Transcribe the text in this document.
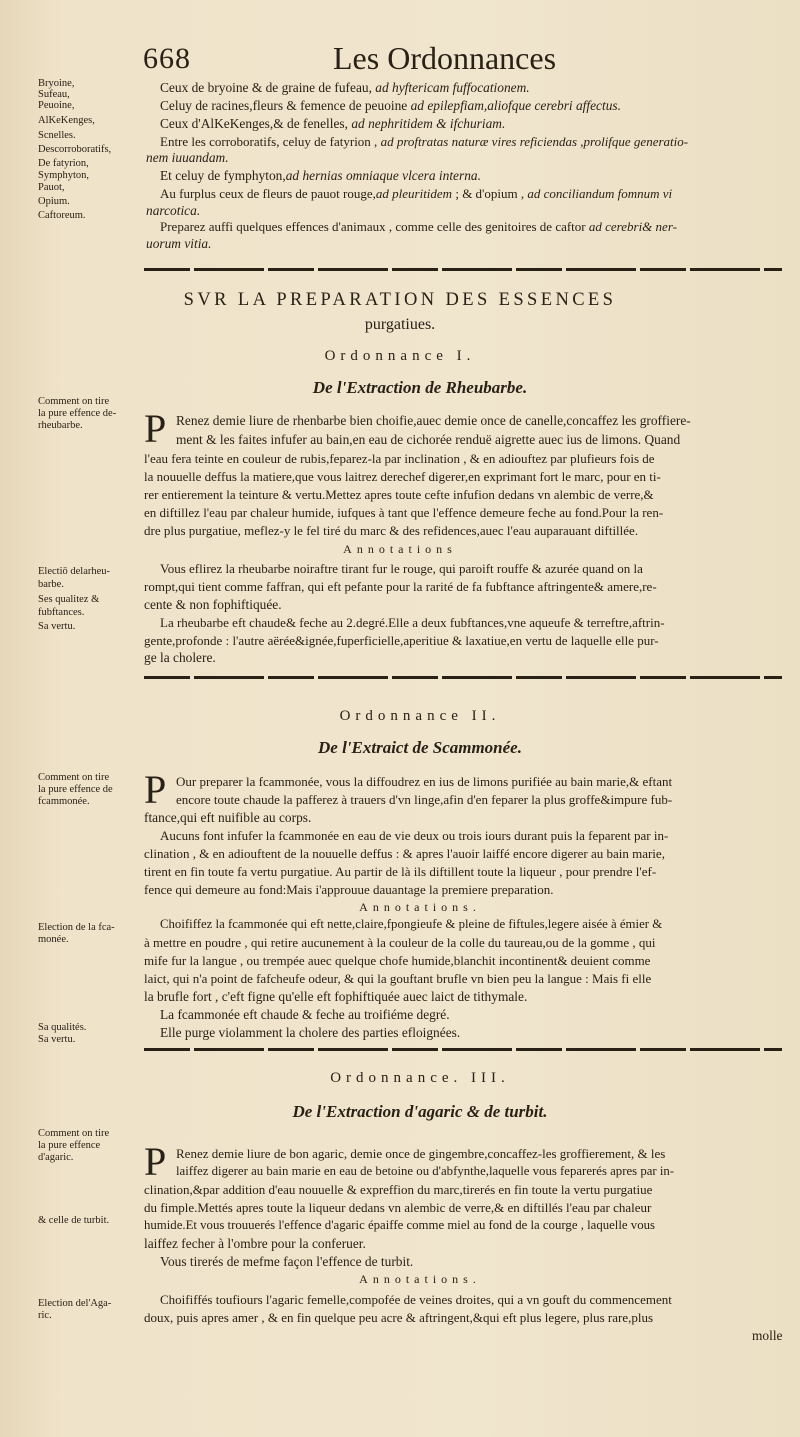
668	Les Ordonnances
Bryoine,
Sufeau,
Peuoine,
AlKeKenges,
Scnelles.
Descorroboratifs,
De fatyrion,
Symphyton,
Pauot,
Opium.
Caftoreum.
Ceux de bryoine & de graine de fufeau, ad hyftericam fuffocationem.
Celuy de racines,fleurs & femence de peuoine ad epilepfiam,aliofque cerebri affectus.
Ceux d'AlKeKenges,& de fenelles, ad nephritidem & ifchuriam.
Entre les corroboratifs, celuy de fatyrion , ad proftratas naturæ vires reficiendas ,prolifque generatio-
nem iuuandam.
Et celuy de fymphyton,ad hernias omniaque vlcera interna.
Au furplus ceux de fleurs de pauot rouge,ad pleuritidem ; & d'opium , ad conciliandum fomnum vi
narcotica.
Preparez auffi quelques effences d'animaux , comme celle des genitoires de caftor ad cerebri& ner-
uorum vitia.
SVR LA PREPARATION DES ESSENCES
purgatiues.
Ordonnance I.
De l'Extraction de Rheubarbe.
Comment on tire
la pure effence de-
rheubarbe.	P Renez demie liure de rhenbarbe bien choifie,auec demie once de canelle,concaffez les groffiere-
ment & les faites infufer au bain,en eau de cichorée renduë aigrette auec ius de limons. Quand
l'eau fera teinte en couleur de rubis,feparez-la par inclination , & en adiouftez par plufieurs fois de
la nouuelle deffus la matiere,que vous laitrez derechef digerer,en exprimant fort le marc, pour en ti-
rer entierement la teinture & vertu.Mettez apres toute cefte infufion dedans vn alembic de verre,&
en diftillez l'eau par chaleur humide, iufques à tant que l'effence demeure feche au fond.Pour la ren-
dre plus purgatiue, meflez-y le fel tiré du marc & des refidences,auec l'eau auparauant diftillée.
Annotations
Electiō delarheu-
barbe.
Ses qualitez &
fubftances.
Sa vertu.
Vous eflirez la rheubarbe noiraftre tirant fur le rouge, qui paroift rouffe & azurée quand on la
rompt,qui tient comme faffran, qui eft pefante pour la rarité de fa fubftance aftringente& amere,re-
cente & non fophiftiquée.
La rheubarbe eft chaude& feche au 2.degré.Elle a deux fubftances,vne aqueufe & terreftre,aftrin-
gente,profonde : l'autre aërée&ignée,fuperficielle,aperitiue & laxatiue,en vertu de laquelle elle pur-
ge la cholere.
Ordonnance II.
De l'Extraict de Scammonée.
Comment on tire
la pure effence de
fcammonée.	P Our preparer la fcammonée, vous la diffoudrez en ius de limons purifiée au bain marie,& eftant
encore toute chaude la pafferez à trauers d'vn linge,afin d'en feparer la plus groffe&impure fub-
ftance,qui eft nuifible au corps.
Aucuns font infufer la fcammonée en eau de vie deux ou trois iours durant puis la feparent par in-
clination , & en adiouftent de la nouuelle deffus : & apres l'auoir laiffé encore digerer au bain marie,
tirent en fin toute fa vertu purgatiue. Au partir de là ils diftillent toute la liqueur , pour prendre l'ef-
fence qui demeure au fond:Mais i'approuue dauantage la premiere preparation.
Annotations.
Election de la fca-
monée.
Sa qualités.
Sa vertu.
Choififfez la fcammonée qui eft nette,claire,fpongieufe & pleine de fiftules,legere aisée à émier &
à mettre en poudre , qui retire aucunement à la couleur de la colle du taureau,ou de la gomme , qui
mife fur la langue , ou trempée auec quelque chofe humide,blanchit incontinent& deuient comme
laict, qui n'a point de fafcheufe odeur, & qui la gouftant brufle vn bien peu la langue : Mais fi elle
la brufle fort , c'eft figne qu'elle eft fophiftiquée auec laict de tithymale.
La fcammonée eft chaude & feche au troifiéme degré.
Elle purge violamment la cholere des parties efloignées.
Ordonnance. III.
De l'Extraction d'agaric & de turbit.
Comment on tire
la pure effence
d'agaric.
& celle de turbit.
P Renez demie liure de bon agaric, demie once de gingembre,concaffez-les groffierement, & les
laiffez digerer au bain marie en eau de betoine ou d'abfynthe,laquelle vous feparerés apres par in-
clination,&par addition d'eau nouuelle & expreffion du marc,tirerés en fin toute la vertu purgatiue
du fimple.Mettés apres toute la liqueur dedans vn alembic de verre,& en diftillés l'eau par chaleur
humide.Et vous trouuerés l'effence d'agaric épaiffe comme miel au fond de la courge , laquelle vous
laiffez fecher à l'ombre pour la conferuer.
Vous tirerés de mefme façon l'effence de turbit.
Annotations.
Election del'Aga-
ric.
Choififfés toufiours l'agaric femelle,compofée de veines droites, qui a vn gouft du commencement
doux, puis apres amer , & en fin quelque peu acre & aftringent,&qui eft plus legere, plus rare,plus
molle
